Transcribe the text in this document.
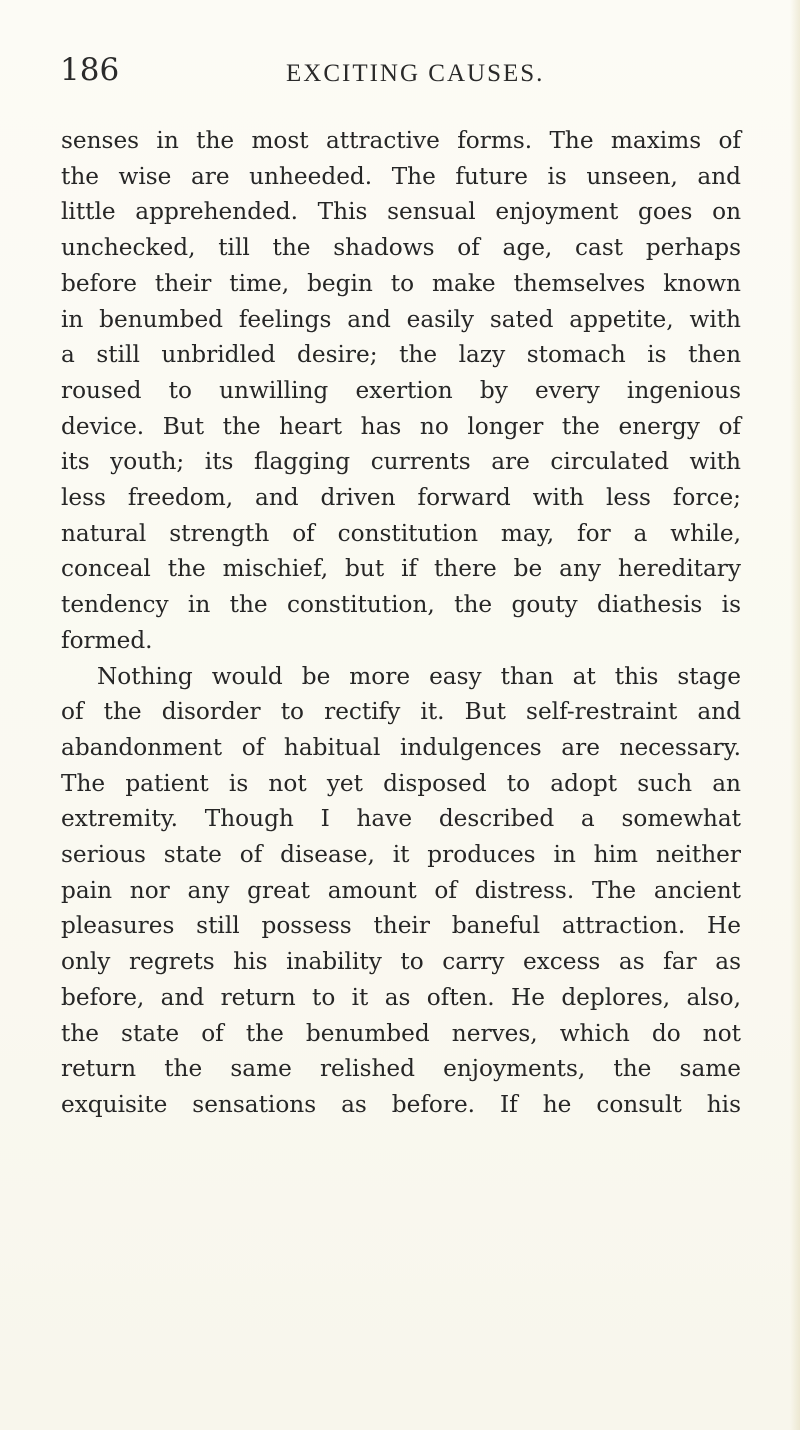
186	EXCITING CAUSES.
senses in the most attractive forms. The maxims of
the wise are unheeded. The future is unseen, and
little apprehended. This sensual enjoyment goes on
unchecked, till the shadows of age, cast perhaps
before their time, begin to make themselves known
in benumbed feelings and easily sated appetite, with
a still unbridled desire; the lazy stomach is then
roused to unwilling exertion by every ingenious
device. But the heart has no longer the energy of
its youth; its flagging currents are circulated with
less freedom, and driven forward with less force;
natural strength of constitution may, for a while,
conceal the mischief, but if there be any hereditary
tendency in the constitution, the gouty diathesis is
formed.
Nothing would be more easy than at this stage
of the disorder to rectify it. But self-restraint and
abandonment of habitual indulgences are necessary.
The patient is not yet disposed to adopt such an
extremity. Though I have described a somewhat
serious state of disease, it produces in him neither
pain nor any great amount of distress. The ancient
pleasures still possess their baneful attraction. He
only regrets his inability to carry excess as far as
before, and return to it as often. He deplores, also,
the state of the benumbed nerves, which do not
return the same relished enjoyments, the same
exquisite sensations as before. If he consult his
